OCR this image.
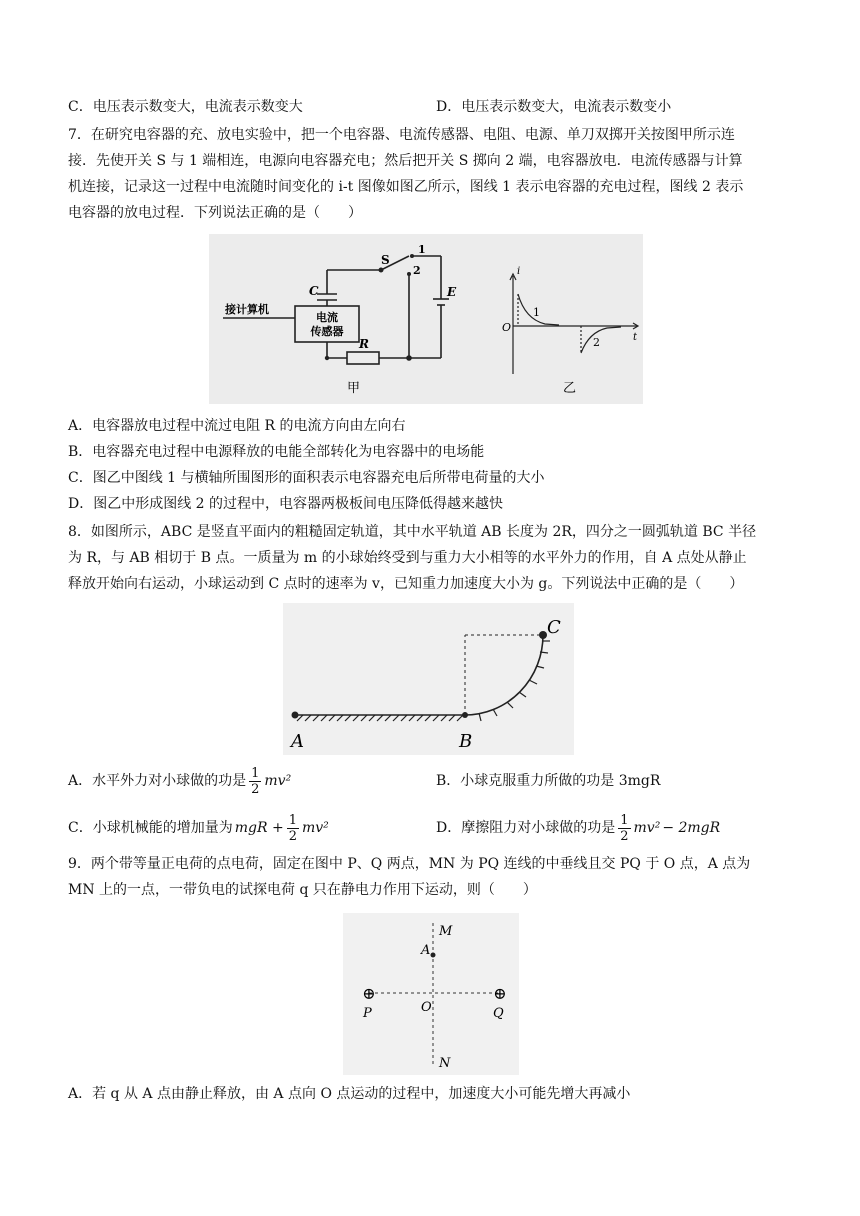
C．电压表示数变大，电流表示数变大	D．电压表示数变大，电流表示数变小
7．在研究电容器的充、放电实验中，把一个电容器、电流传感器、电阻、电源、单刀双掷开关按图甲所示连
接．先使开关 S 与 1 端相连，电源向电容器充电；然后把开关 S 掷向 2 端，电容器放电．电流传感器与计算
机连接，记录这一过程中电流随时间变化的 i-t 图像如图乙所示，图线 1 表示电容器的充电过程，图线 2 表示
电容器的放电过程．下列说法正确的是（　　）
电流
传感器
接计算机
C
R
S
E
1
2
甲
i
t
O
1
2
乙
A．电容器放电过程中流过电阻 R 的电流方向由左向右
B．电容器充电过程中电源释放的电能全部转化为电容器中的电场能
C．图乙中图线 1 与横轴所围图形的面积表示电容器充电后所带电荷量的大小
D．图乙中形成图线 2 的过程中，电容器两极板间电压降低得越来越快
8．如图所示，ABC 是竖直平面内的粗糙固定轨道，其中水平轨道 AB 长度为 2R，四分之一圆弧轨道 BC 半径
为 R，与 AB 相切于 B 点。一质量为 m 的小球始终受到与重力大小相等的水平外力的作用，自 A 点处从静止
释放开始向右运动，小球运动到 C 点时的速率为 v，已知重力加速度大小为 g。下列说法中正确的是（　　）
A	B
C
A．水平外力对小球做的功是 $\frac{1}{2} mv^2$	B．小球克服重力所做的功是 3mgR
C．小球机械能的增加量为 mgR + $\frac{1}{2} mv^2$	D．摩擦阻力对小球做的功是 $\frac{1}{2} mv^2 - 2mgR$
9．两个带等量正电荷的点电荷，固定在图中 P、Q 两点，MN 为 PQ 连线的中垂线且交 PQ 于 O 点，A 点为
MN 上的一点，一带负电的试探电荷 q 只在静电力作用下运动，则（　　）
⊕	⊕
M
N
A
O
P	Q
A．若 q 从 A 点由静止释放，由 A 点向 O 点运动的过程中，加速度大小可能先增大再减小
